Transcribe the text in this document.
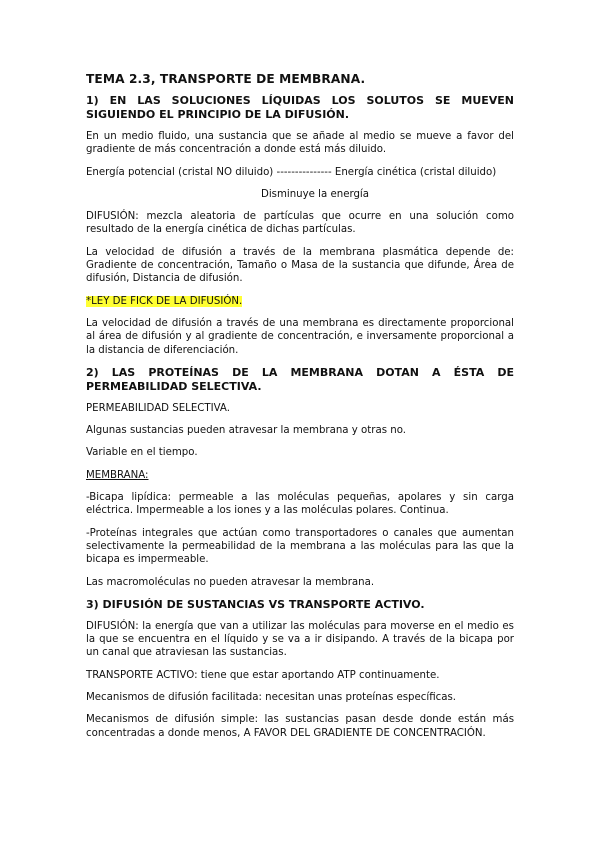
TEMA 2.3, TRANSPORTE DE MEMBRANA.
1) EN LAS SOLUCIONES LÍQUIDAS LOS SOLUTOS SE MUEVEN SIGUIENDO EL PRINCIPIO DE LA DIFUSIÓN.

En un medio fluido, una sustancia que se añade al medio se mueve a favor del gradiente de más concentración a donde está más diluido.

Energía potencial (cristal NO diluido) --------------- Energía cinética (cristal diluido)

Disminuye la energía

DIFUSIÓN: mezcla aleatoria de partículas que ocurre en una solución como resultado de la energía cinética de dichas partículas.

La velocidad de difusión a través de la membrana plasmática depende de: Gradiente de concentración, Tamaño o Masa de la sustancia que difunde, Área de difusión, Distancia de difusión.

*LEY DE FICK DE LA DIFUSIÓN.

La velocidad de difusión a través de una membrana es directamente proporcional al área de difusión y al gradiente de concentración, e inversamente proporcional a la distancia de diferenciación.

2) LAS PROTEÍNAS DE LA MEMBRANA DOTAN A ÉSTA DE PERMEABILIDAD SELECTIVA.

PERMEABILIDAD SELECTIVA.

Algunas sustancias pueden atravesar la membrana y otras no.

Variable en el tiempo.

MEMBRANA:

-Bicapa lipídica: permeable a las moléculas pequeñas, apolares y sin carga eléctrica. Impermeable a los iones y a las moléculas polares. Continua.

-Proteínas integrales que actúan como transportadores o canales que aumentan selectivamente la permeabilidad de la membrana a las moléculas para las que la bicapa es impermeable.

Las macromoléculas no pueden atravesar la membrana.

3) DIFUSIÓN DE SUSTANCIAS VS TRANSPORTE ACTIVO.

DIFUSIÓN: la energía que van a utilizar las moléculas para moverse en el medio es la que se encuentra en el líquido y se va a ir disipando. A través de la bicapa por un canal que atraviesan las sustancias.

TRANSPORTE ACTIVO: tiene que estar aportando ATP continuamente.

Mecanismos de difusión facilitada: necesitan unas proteínas específicas.

Mecanismos de difusión simple: las sustancias pasan desde donde están más concentradas a donde menos, A FAVOR DEL GRADIENTE DE CONCENTRACIÓN.
